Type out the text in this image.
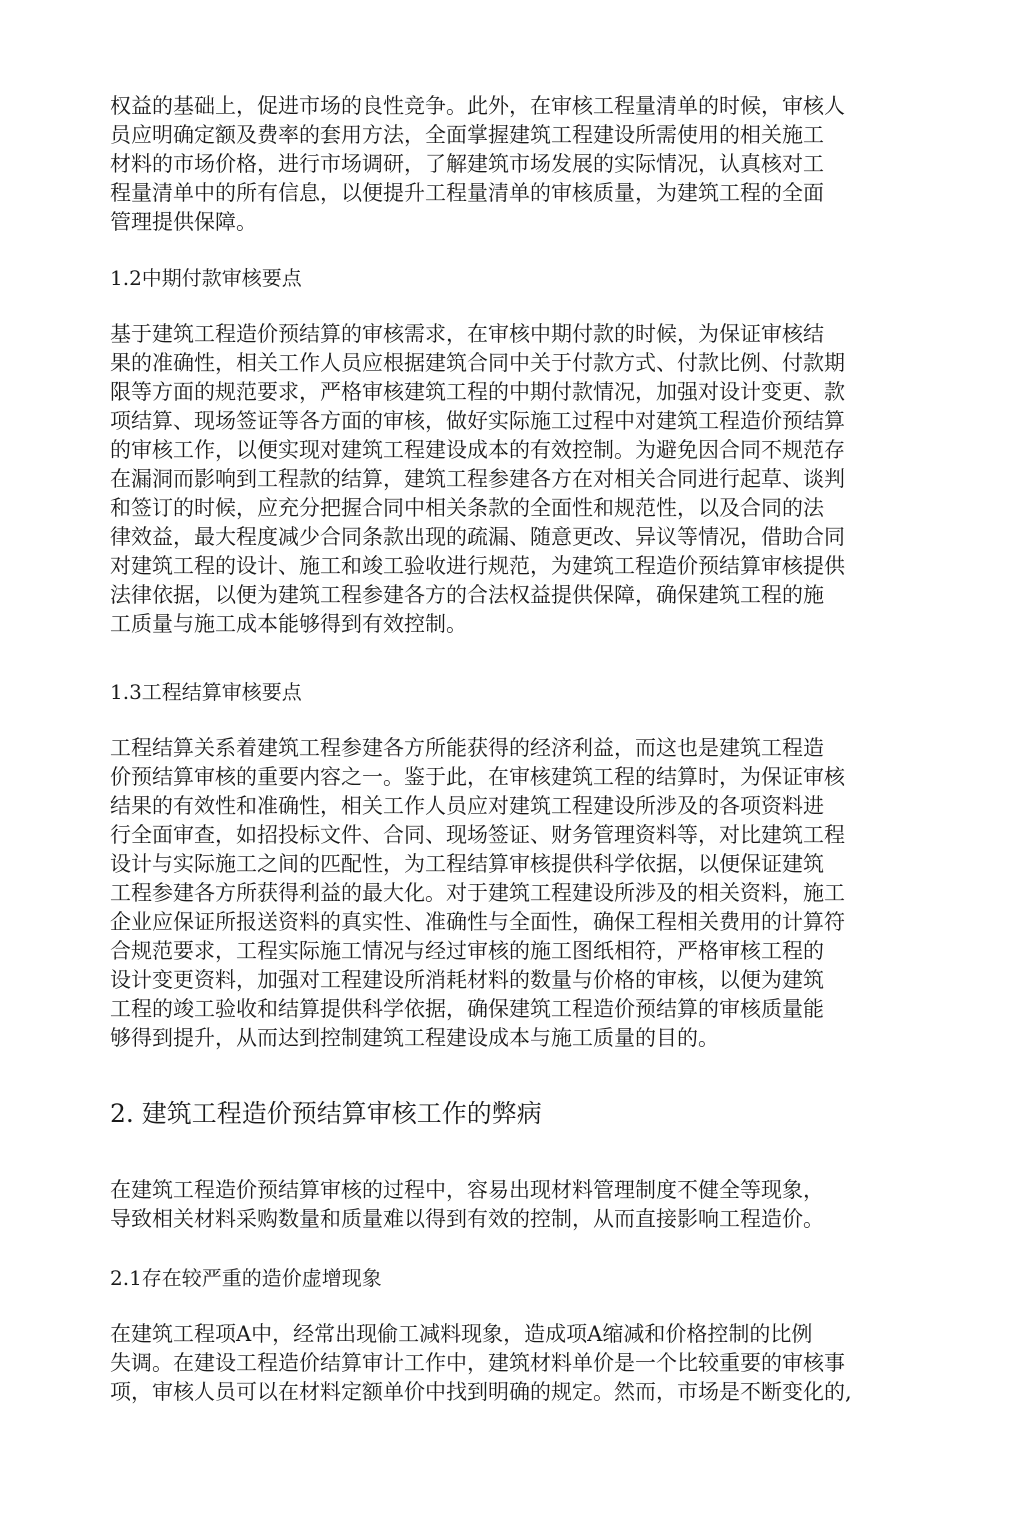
权益的基础上，促进市场的良性竞争。此外，在审核工程量清单的时候，审核人
员应明确定额及费率的套用方法，全面掌握建筑工程建设所需使用的相关施工
材料的市场价格，进行市场调研，了解建筑市场发展的实际情况，认真核对工
程量清单中的所有信息，以便提升工程量清单的审核质量，为建筑工程的全面
管理提供保障。
1.2中期付款审核要点
基于建筑工程造价预结算的审核需求，在审核中期付款的时候，为保证审核结
果的准确性，相关工作人员应根据建筑合同中关于付款方式、付款比例、付款期
限等方面的规范要求，严格审核建筑工程的中期付款情况，加强对设计变更、款
项结算、现场签证等各方面的审核，做好实际施工过程中对建筑工程造价预结算
的审核工作，以便实现对建筑工程建设成本的有效控制。为避免因合同不规范存
在漏洞而影响到工程款的结算，建筑工程参建各方在对相关合同进行起草、谈判
和签订的时候，应充分把握合同中相关条款的全面性和规范性，以及合同的法
律效益，最大程度减少合同条款出现的疏漏、随意更改、异议等情况，借助合同
对建筑工程的设计、施工和竣工验收进行规范，为建筑工程造价预结算审核提供
法律依据，以便为建筑工程参建各方的合法权益提供保障，确保建筑工程的施
工质量与施工成本能够得到有效控制。
1.3工程结算审核要点
工程结算关系着建筑工程参建各方所能获得的经济利益，而这也是建筑工程造
价预结算审核的重要内容之一。鉴于此，在审核建筑工程的结算时，为保证审核
结果的有效性和准确性，相关工作人员应对建筑工程建设所涉及的各项资料进
行全面审查，如招投标文件、合同、现场签证、财务管理资料等，对比建筑工程
设计与实际施工之间的匹配性，为工程结算审核提供科学依据，以便保证建筑
工程参建各方所获得利益的最大化。对于建筑工程建设所涉及的相关资料，施工
企业应保证所报送资料的真实性、准确性与全面性，确保工程相关费用的计算符
合规范要求，工程实际施工情况与经过审核的施工图纸相符，严格审核工程的
设计变更资料，加强对工程建设所消耗材料的数量与价格的审核，以便为建筑
工程的竣工验收和结算提供科学依据，确保建筑工程造价预结算的审核质量能
够得到提升，从而达到控制建筑工程建设成本与施工质量的目的。
2. 建筑工程造价预结算审核工作的弊病
在建筑工程造价预结算审核的过程中，容易出现材料管理制度不健全等现象，
导致相关材料采购数量和质量难以得到有效的控制，从而直接影响工程造价。
2.1存在较严重的造价虚增现象
在建筑工程项A中，经常出现偷工减料现象，造成项A缩减和价格控制的比例
失调。在建设工程造价结算审计工作中，建筑材料单价是一个比较重要的审核事
项，审核人员可以在材料定额单价中找到明确的规定。然而，市场是不断变化的,
